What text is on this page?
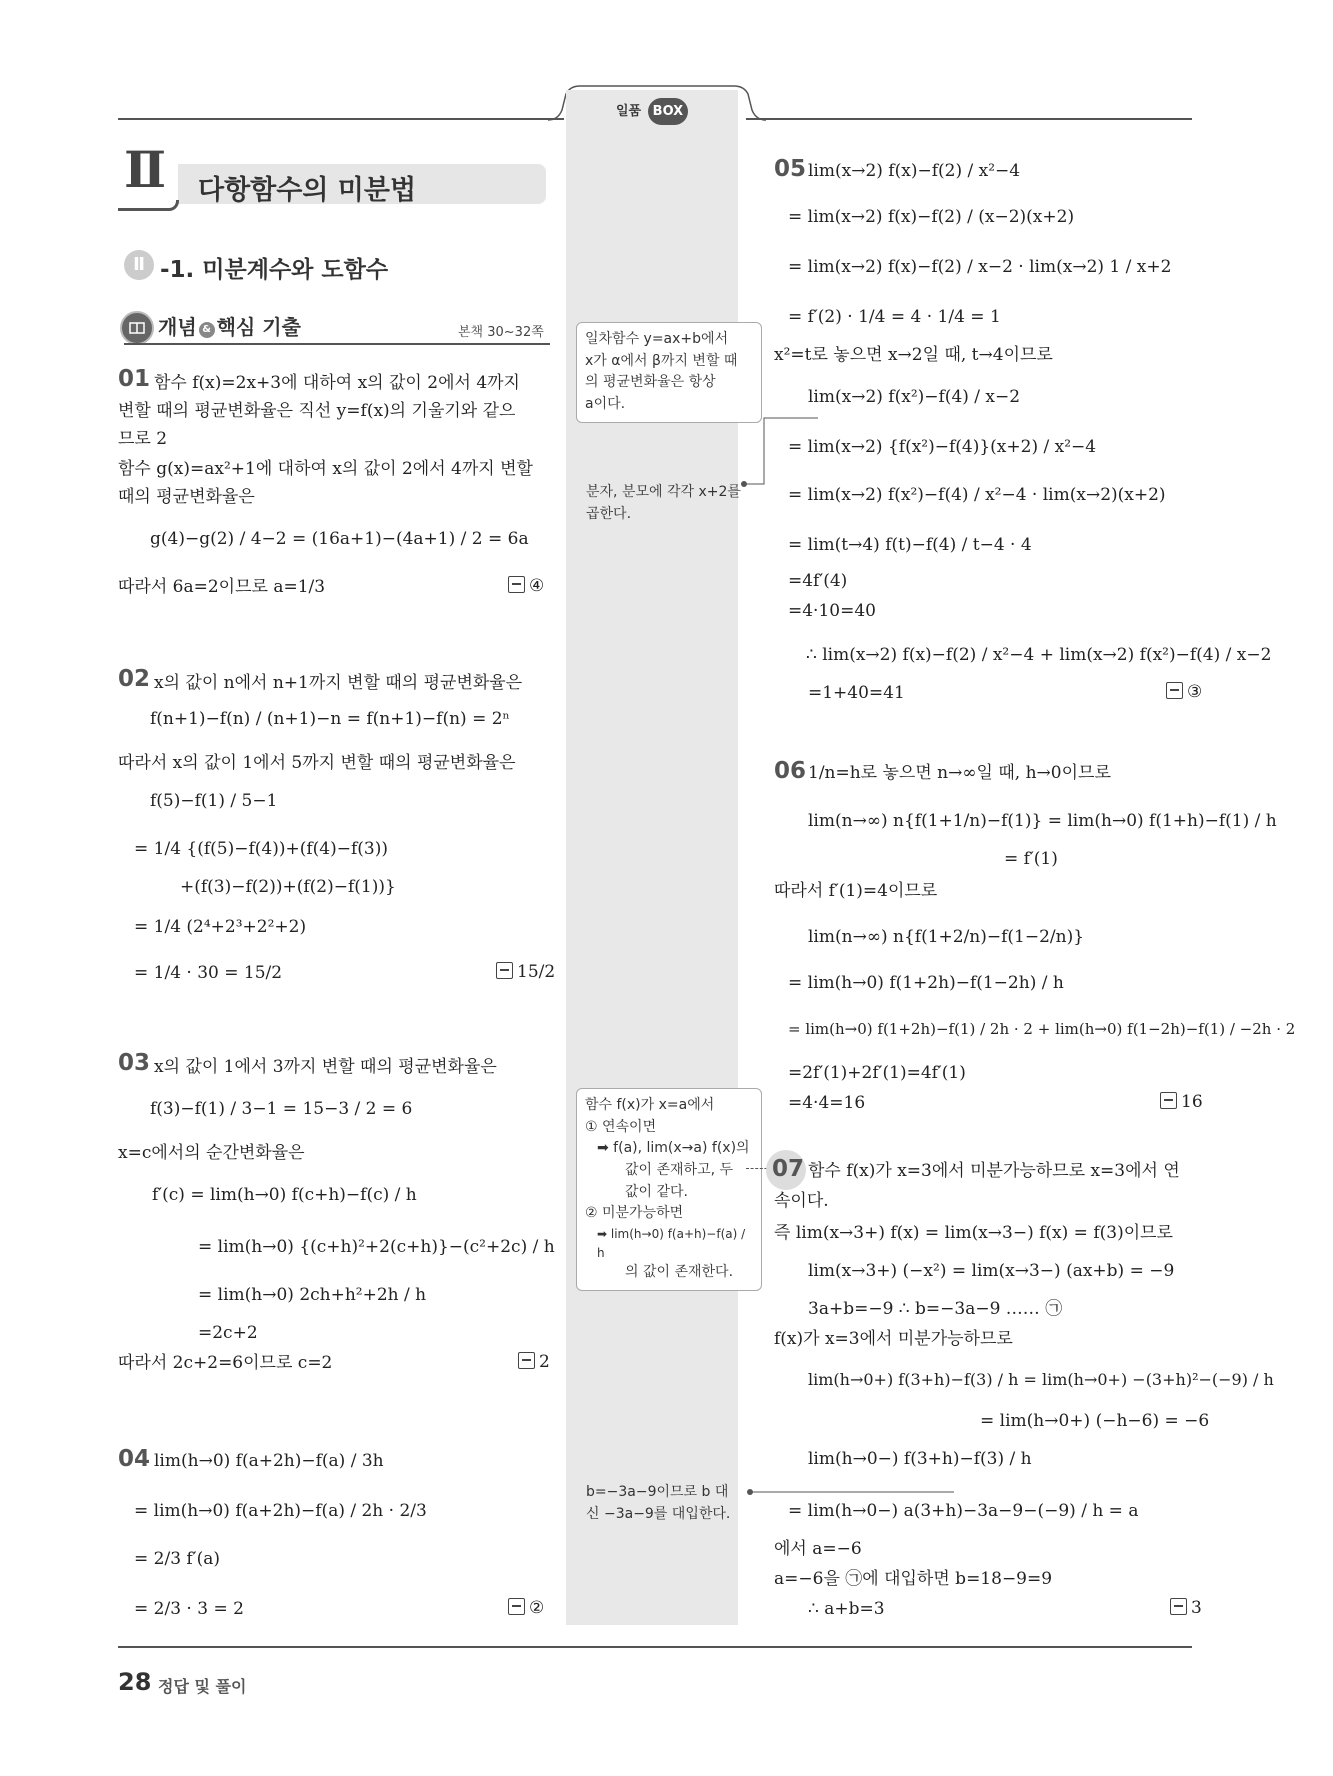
일품 BOX
Ⅱ 다항함수의 미분법
Ⅱ -1. 미분계수와 도함수
개념 & 핵심 기출	본책 30~32쪽
01 함수 f(x)=2x+3에 대하여 x의 값이 2에서 4까지
변할 때의 평균변화율은 직선 y=f(x)의 기울기와 같으
므로 2
함수 g(x)=ax²+1에 대하여 x의 값이 2에서 4까지 변할
때의 평균변화율은
g(4)−g(2) / 4−2 = (16a+1)−(4a+1) / 2 = 6a
따라서 6a=2이므로 a=1/3	④
02 x의 값이 n에서 n+1까지 변할 때의 평균변화율은
f(n+1)−f(n) / (n+1)−n = f(n+1)−f(n) = 2ⁿ
따라서 x의 값이 1에서 5까지 변할 때의 평균변화율은
f(5)−f(1) / 5−1
= 1/4 {(f(5)−f(4))+(f(4)−f(3))
+(f(3)−f(2))+(f(2)−f(1))}
= 1/4 (2⁴+2³+2²+2)
= 1/4 · 30 = 15/2	15/2
03 x의 값이 1에서 3까지 변할 때의 평균변화율은
f(3)−f(1) / 3−1 = 15−3 / 2 = 6
x=c에서의 순간변화율은
f′(c) = lim(h→0) f(c+h)−f(c) / h
= lim(h→0) {(c+h)²+2(c+h)}−(c²+2c) / h
= lim(h→0) 2ch+h²+2h / h
=2c+2
따라서 2c+2=6이므로 c=2	2
04 lim(h→0) f(a+2h)−f(a) / 3h
= lim(h→0) f(a+2h)−f(a) / 2h · 2/3
= 2/3 f′(a)
= 2/3 · 3 = 2	②
일차함수 y=ax+b에서
x가 α에서 β까지 변할 때
의 평균변화율은 항상
a이다.
분자, 분모에 각각 x+2를
곱한다.
함수 f(x)가 x=a에서
① 연속이면
➡ f(a), lim(x→a) f(x)의
값이 존재하고, 두
값이 같다.
② 미분가능하면
➡ lim(h→0) f(a+h)−f(a) / h
의 값이 존재한다.
b=−3a−9이므로 b 대
신 −3a−9를 대입한다.
05 lim(x→2) f(x)−f(2) / x²−4
= lim(x→2) f(x)−f(2) / (x−2)(x+2)
= lim(x→2) f(x)−f(2) / x−2 · lim(x→2) 1 / x+2
= f′(2) · 1/4 = 4 · 1/4 = 1
x²=t로 놓으면 x→2일 때, t→4이므로
lim(x→2) f(x²)−f(4) / x−2
= lim(x→2) {f(x²)−f(4)}(x+2) / x²−4
= lim(x→2) f(x²)−f(4) / x²−4 · lim(x→2)(x+2)
= lim(t→4) f(t)−f(4) / t−4 · 4
=4f′(4)
=4·10=40
∴ lim(x→2) f(x)−f(2) / x²−4 + lim(x→2) f(x²)−f(4) / x−2
=1+40=41	③
06 1/n=h로 놓으면 n→∞일 때, h→0이므로
lim(n→∞) n{f(1+1/n)−f(1)} = lim(h→0) f(1+h)−f(1) / h
= f′(1)
따라서 f′(1)=4이므로
lim(n→∞) n{f(1+2/n)−f(1−2/n)}
= lim(h→0) f(1+2h)−f(1−2h) / h
= lim(h→0) f(1+2h)−f(1) / 2h · 2 + lim(h→0) f(1−2h)−f(1) / −2h · 2
=2f′(1)+2f′(1)=4f′(1)
=4·4=16	16
07 함수 f(x)가 x=3에서 미분가능하므로 x=3에서 연
속이다.
즉 lim(x→3+) f(x) = lim(x→3−) f(x) = f(3)이므로
lim(x→3+) (−x²) = lim(x→3−) (ax+b) = −9
3a+b=−9 ∴ b=−3a−9 …… ㉠
f(x)가 x=3에서 미분가능하므로
lim(h→0+) f(3+h)−f(3) / h = lim(h→0+) −(3+h)²−(−9) / h
= lim(h→0+) (−h−6) = −6
lim(h→0−) f(3+h)−f(3) / h
= lim(h→0−) a(3+h)−3a−9−(−9) / h = a
에서 a=−6
a=−6을 ㉠에 대입하면 b=18−9=9
∴ a+b=3	3
28 정답 및 풀이
